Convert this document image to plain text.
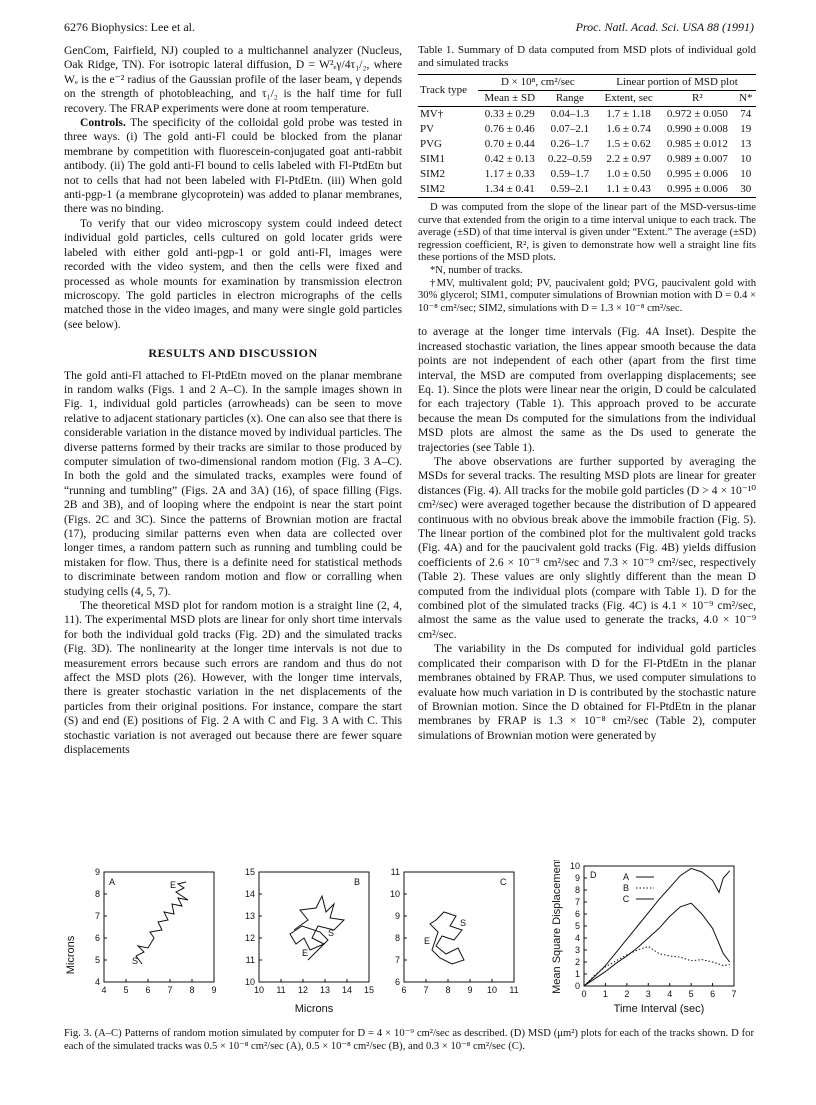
6276 Biophysics: Lee et al.	Proc. Natl. Acad. Sci. USA 88 (1991)

GenCom, Fairfield, NJ) coupled to a multichannel analyzer (Nucleus, Oak Ridge, TN). For isotropic lateral diffusion, D = W²ₑγ/4τ₁/₂, where Wₑ is the e⁻² radius of the Gaussian profile of the laser beam, γ depends on the strength of photobleaching, and τ₁/₂ is the half time for full recovery. The FRAP experiments were done at room temperature.

Controls. The specificity of the colloidal gold probe was tested in three ways. (i) The gold anti-Fl could be blocked from the planar membrane by competition with fluorescein-conjugated goat anti-rabbit antibody. (ii) The gold anti-Fl bound to cells labeled with Fl-PtdEtn but not to cells that had not been labeled with Fl-PtdEtn. (iii) When gold anti-pgp-1 (a membrane glycoprotein) was added to planar membranes, there was no binding.

To verify that our video microscopy system could indeed detect individual gold particles, cells cultured on gold locater grids were labeled with either gold anti-pgp-1 or gold anti-Fl, images were recorded with the video system, and then the cells were fixed and processed as whole mounts for examination by transmission electron microscopy. The gold particles in electron micrographs of the cells matched those in the video images, and many were single gold particles (see below).

RESULTS AND DISCUSSION

The gold anti-Fl attached to Fl-PtdEtn moved on the planar membrane in random walks (Figs. 1 and 2 A–C). In the sample images shown in Fig. 1, individual gold particles (arrowheads) can be seen to move relative to adjacent stationary particles (x). One can also see that there is considerable variation in the distance moved by individual particles. The diverse patterns formed by their tracks are similar to those produced by computer simulation of two-dimensional random motion (Fig. 3 A–C). In both the gold and the simulated tracks, examples were found of “running and tumbling” (Figs. 2A and 3A) (16), of space filling (Figs. 2B and 3B), and of looping where the endpoint is near the start point (Figs. 2C and 3C). Since the patterns of Brownian motion are fractal (17), producing similar patterns even when data are collected over longer times, a random pattern such as running and tumbling could be mistaken for flow. Thus, there is a definite need for statistical methods to discriminate between random motion and flow or corralling when studying cells (4, 5, 7).

The theoretical MSD plot for random motion is a straight line (2, 4, 11). The experimental MSD plots are linear for only short time intervals for both the individual gold tracks (Fig. 2D) and the simulated tracks (Fig. 3D). The nonlinearity at the longer time intervals is not due to measurement errors because such errors are random and thus do not affect the MSD plots (26). However, with the longer time intervals, there is greater stochastic variation in the net displacements of the particles from their original positions. For instance, compare the start (S) and end (E) positions of Fig. 2 A with C and Fig. 3 A with C. This stochastic variation is not averaged out because there are fewer square displacements

Table 1. Summary of D data computed from MSD plots of individual gold and simulated tracks
Track type	D × 10⁸, cm²/sec		Linear portion of MSD plot		
	Mean ± SD	Range	Extent, sec	R²	N*
MV†	0.33 ± 0.29	0.04–1.3	1.7 ± 1.18	0.972 ± 0.050	74
PV	0.76 ± 0.46	0.07–2.1	1.6 ± 0.74	0.990 ± 0.008	19
PVG	0.70 ± 0.44	0.26–1.7	1.5 ± 0.62	0.985 ± 0.012	13
SIM1	0.42 ± 0.13	0.22–0.59	2.2 ± 0.97	0.989 ± 0.007	10
SIM2	1.17 ± 0.33	0.59–1.7	1.0 ± 0.50	0.995 ± 0.006	10
SIM2	1.34 ± 0.41	0.59–2.1	1.1 ± 0.43	0.995 ± 0.006	30

D was computed from the slope of the linear part of the MSD-versus-time curve that extended from the origin to a time interval unique to each track. The average (±SD) of that time interval is given under “Extent.” The average (±SD) regression coefficient, R², is given to demonstrate how well a straight line fits these portions of the MSD plots.

*N, number of tracks.

†MV, multivalent gold; PV, paucivalent gold; PVG, paucivalent gold with 30% glycerol; SIM1, computer simulations of Brownian motion with D = 0.4 × 10⁻⁸ cm²/sec; SIM2, simulations with D = 1.3 × 10⁻⁸ cm²/sec.

to average at the longer time intervals (Fig. 4A Inset). Despite the increased stochastic variation, the lines appear smooth because the data points are not independent of each other (apart from the first time interval, the MSD are computed from overlapping displacements; see Eq. 1). Since the plots were linear near the origin, D could be calculated for each trajectory (Table 1). This approach proved to be accurate because the mean Ds computed for the simulations from the individual MSD plots are almost the same as the Ds used to generate the trajectories (see Table 1).

The above observations are further supported by averaging the MSDs for several tracks. The resulting MSD plots are linear for greater distances (Fig. 4). All tracks for the mobile gold particles (D > 4 × 10⁻¹⁰ cm²/sec) were averaged together because the distribution of D appeared continuous with no obvious break above the immobile fraction (Fig. 5). The linear portion of the combined plot for the multivalent gold tracks (Fig. 4A) and for the paucivalent gold tracks (Fig. 4B) yields diffusion coefficients of 2.6 × 10⁻⁹ cm²/sec and 7.3 × 10⁻⁹ cm²/sec, respectively (Table 2). These values are only slightly different than the mean D computed from the individual plots (compare with Table 1). D for the combined plot of the simulated tracks (Fig. 4C) is 4.1 × 10⁻⁹ cm²/sec, almost the same as the value used to generate the tracks, 4.0 × 10⁻⁹ cm²/sec.

The variability in the Ds computed for individual gold particles complicated their comparison with D for the Fl-PtdEtn in the planar membranes obtained by FRAP. Thus, we used computer simulations to evaluate how much variation in D is contributed by the stochastic nature of Brownian motion. Since the D obtained for Fl-PtdEtn in the planar membranes by FRAP is 1.3 × 10⁻⁸ cm²/sec (Table 2), computer simulations of Brownian motion were generated by

Microns
A
4 5 6 7 8 9
4
5
6
7
8
9
S
E	B
10 11 12 13 14 15
10
11
12
13
14
15
S
E
Microns
C
6 7 8 9 10 11
6
7
8
9
10
11
S
E
D
0 1 2 3 4 5 6 7
0
1
2
3
4
5
6
7
8
9
10
Time Interval (sec)
Mean Square Displacement	A
B
C
Fig. 3. (A–C) Patterns of random motion simulated by computer for D = 4 × 10⁻⁹ cm²/sec as described. (D) MSD (μm²) plots for each of the tracks shown. D for each of the simulated tracks was 0.5 × 10⁻⁸ cm²/sec (A), 0.5 × 10⁻⁸ cm²/sec (B), and 0.3 × 10⁻⁸ cm²/sec (C).
